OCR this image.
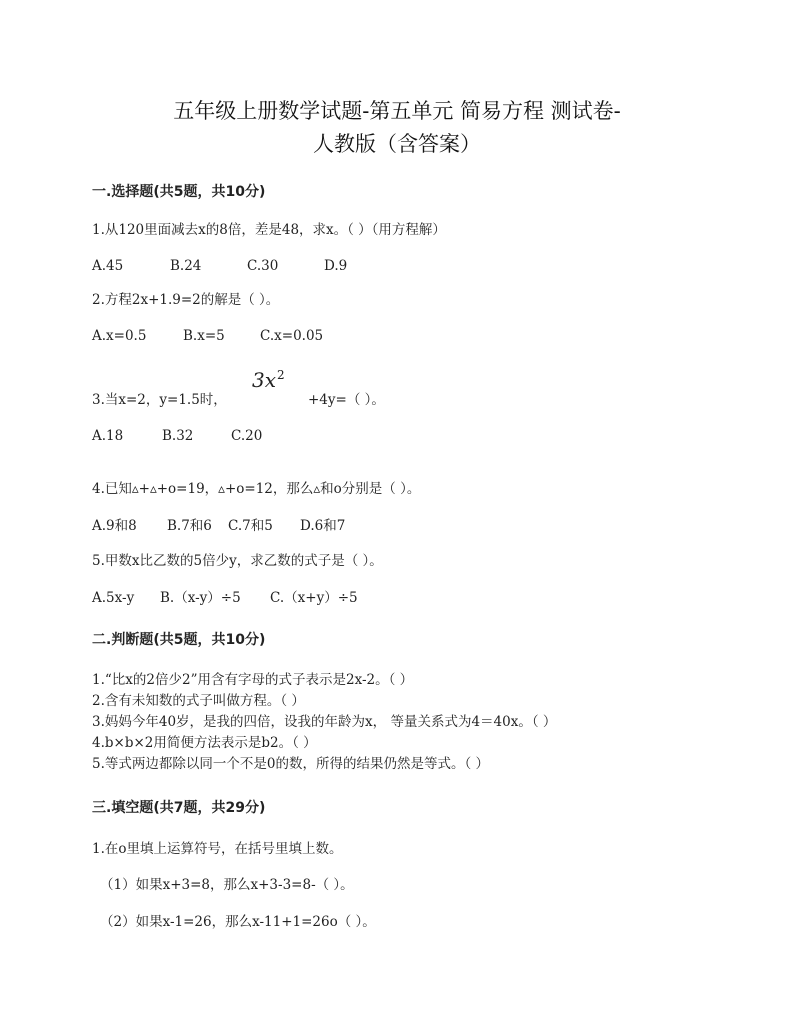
五年级上册数学试题-第五单元 简易方程 测试卷-
人教版（含答案）
一.选择题(共5题，共10分)
1.从120里面减去x的8倍，差是48，求x。（ ）（用方程解）
A.45	B.24	C.30	D.9
2.方程2x+1.9=2的解是（ ）。
A.x=0.5	B.x=5	C.x=0.05
3.当x=2，y=1.5时，
$3x^2$
+4y=（ ）。
A.18	B.32	C.20
4.已知▵+▵+o=19，▵+o=12，那么▵和o分别是（ ）。
A.9和8 B.7和6 C.7和5 D.6和7
5.甲数x比乙数的5倍少y，求乙数的式子是（ ）。
A.5x-y B.（x-y）÷5 C.（x+y）÷5
二.判断题(共5题，共10分)
1.“比x的2倍少2”用含有字母的式子表示是2x-2。（ ）
2.含有未知数的式子叫做方程。（ ）
3.妈妈今年40岁，是我的四倍，设我的年龄为x， 等量关系式为4＝40x。（ ）
4.b×b×2用简便方法表示是b2。（ ）
5.等式两边都除以同一个不是0的数，所得的结果仍然是等式。（ ）
三.填空题(共7题，共29分)
1.在o里填上运算符号，在括号里填上数。
（1）如果x+3=8，那么x+3-3=8-（ ）。
（2）如果x-1=26，那么x-11+1=26o（ ）。
